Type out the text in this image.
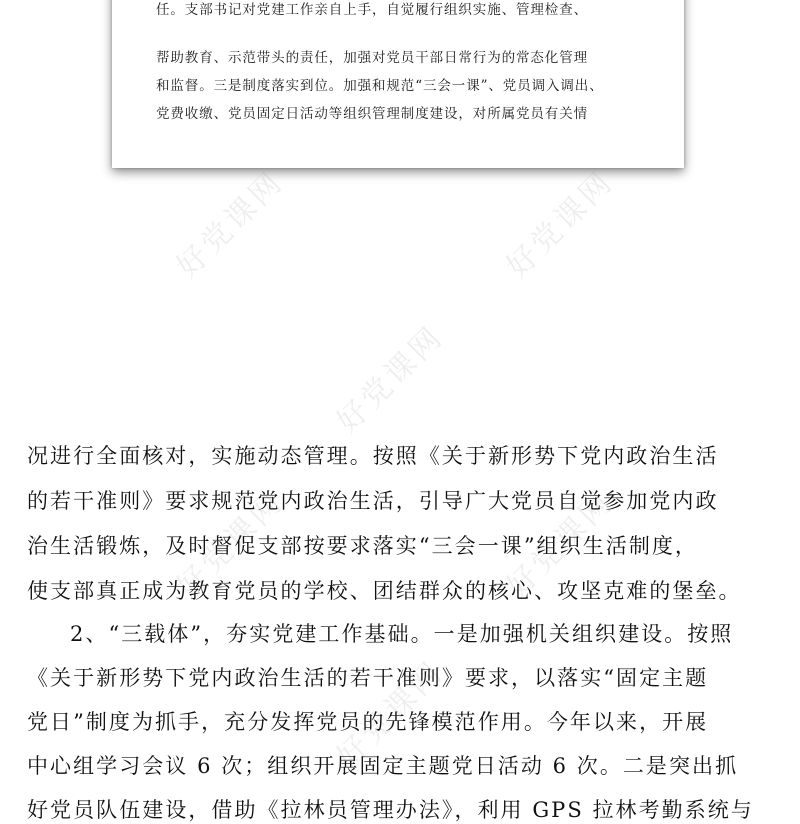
任。支部书记对党建工作亲自上手，自觉履行组织实施、管理检查、
帮助教育、示范带头的责任，加强对党员干部日常行为的常态化管理
和监督。三是制度落实到位。加强和规范“三会一课”、党员调入调出、
党费收缴、党员固定日活动等组织管理制度建设，对所属党员有关情
好党课网	好党课网
好党课网
好党课网	好党课网
好党课网
况进行全面核对，实施动态管理。按照《关于新形势下党内政治生活
的若干准则》要求规范党内政治生活，引导广大党员自觉参加党内政
治生活锻炼，及时督促支部按要求落实“三会一课”组织生活制度，
使支部真正成为教育党员的学校、团结群众的核心、攻坚克难的堡垒。
2、“三载体”，夯实党建工作基础。一是加强机关组织建设。按照
《关于新形势下党内政治生活的若干准则》要求，以落实“固定主题
党日”制度为抓手，充分发挥党员的先锋模范作用。今年以来，开展
中心组学习会议 6 次；组织开展固定主题党日活动 6 次。二是突出抓
好党员队伍建设，借助《拉林员管理办法》，利用 GPS 拉林考勤系统与
